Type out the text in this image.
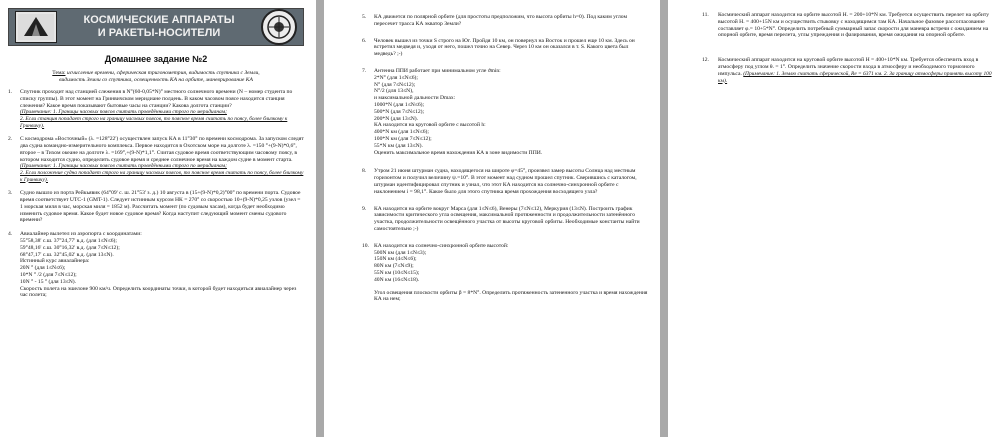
КОСМИЧЕСКИЕ АППАРАТЫ
И РАКЕТЫ-НОСИТЕЛИ
Домашнее задание №2
Тема: исчисление времени, сферическая тригонометрия, видимость спутника с Земли,
видимость Земли со спутника, освещенность КА на орбите, маневрирование КА
1.	Спутник проходит над станцией слежения в N°(60-0,05*N)° местного солнечного времени (N – номер студента по списку группы). В этот момент на Гринвичском меридиане полдень. В каком часовом поясе находится станция слежения? Какое время показывают бытовые часы на станции? Какова долгота станции?
(Примечание: 1. Границы часовых поясов считать проведёнными строго по меридианам;
2. Если станция попадает строго на границу часовых поясов, то поясное время считать по поясу, более близкому к Гринвичу).
2.	С космодрома «Восточный» (λ. =128°22') осуществлен запуск КА в 11°30° по времени космодрома. За запуском следят два судна командно-измерительного комплекса. Первое находится в Охотском море на долготе λ. =150 °+(9-N)*0,6°, второе – в Тихом океане на долготе λ. =169°,+(9-N)*1,1°. Считая судовое время соответствующим часовому поясу, в котором находится судно, определить судовое время и среднее солнечное время на каждом судне в момент старта.
(Примечание: 1. Границы часовых поясов считать проведёнными строго по меридианам;
2. Если положение судна попадает строго на границу часовых поясов, то поясное время считать по поясу, более близкому к Гринвичу).
3.	Судно вышло из порта Рейкьявик (64°09' с. ш. 21°53' з. д.) 10 августа в (15+(9-N)*0,2)°00° по времени порта. Судовое время соответствует UTC-1 (GMT-1). Следует истинным курсом НК = 270° со скоростью 10+(9-N)*0,25 узлов (узел = 1 морская миля в час, морская миля = 1852 м). Рассчитать момент (по судовым часам), когда будет необходимо изменить судовое время. Какое будет новое судовое время? Когда наступит следующий момент смены судового времени?
4.	Авиалайнер вылетел из аэропорта с координатами:
55°58,38' с.ш. 37°24,77' в.д. (для 1≤N≤6);
59°48,16' с.ш. 30°16,32' в.д. (для 7≤N≤12);
68°47,17' с.ш. 32°45,02' в.д. (для 13≤N).
Истинный курс авиалайнера:
20N ° (для 1≤N≤6);
10*N ° /2 (для 7≤N≤12);
10N ° - 15 ° (для 13≤N).
Скорость полета на эшелоне 900 км/ч. Определить координаты точки, в которой будет находиться авиалайнер через час полета;
5.	КА движется по полярной орбите (для простоты предположим, что высота орбиты h=0). Под каким углом пересечет трасса КА экватор Земли?
6.	Человек вышел из точки S строго на Юг. Пройдя 10 км, он повернул на Восток и прошел еще 10 км. Здесь он встретил медведя и, уходя от него, пошел точно на Север. Через 10 км он оказался в т. S. Какого цвета был медведь? ;-)
7.	Антенна ППИ работает при минимальном угле ϑmin:
2*N° (для 1≤N≤6);
N° (для 7≤N≤12);
N°/2 (для 13≤N),
и максимальной дальности Dmax:
1000*N (для 1≤N≤6);
500*N (для 7≤N≤12);
200*N (для 13≤N).
КА находится на круговой орбите с высотой h:
400*N км (для 1≤N≤6);
100*N км (для 7≤N≤12);
55*N км (для 13≤N).
Оценить максимальное время нахождения КА в зоне видимости ППИ.
8.	Утром 21 июня штурман судна, находящегося на широте φ=45°, произвел замер высоты Солнца над местным горизонтом и получил величину ψ.=10°. В этот момент над судном прошел спутник. Сверившись с каталогом, штурман идентифицировал спутник и узнал, что этот КА находится на солнечно-синхронной орбите с наклонением i = 98,1°. Какое было для этого спутника время прохождения восходящего узла?
9.	КА находится на орбите вокруг Марса (для 1≤N≤6), Венеры (7≤N≤12), Меркурия (13≤N). Построить график зависимости критического угла освещения, максимальной протяженности и продолжительности затенённого участка, продолжительности освещённого участка от высоты круговой орбиты. Необходимые константы найти самостоятельно ;-)
10. КА находится на солнечно-синхронной орбите высотой:
500N км (для 1≤N≤3);
150N км (4≤N≤6);
80N км (7≤N≤9);
55N км (10≤N≤15);
40N км (16≤N≤18).
Угол освещения плоскости орбиты β = 8*N°. Определить протяженность затененного участка и время нахождения КА на нем;
11.	Космический аппарат находится на орбите высотой H. = 200+10*N км. Требуется осуществить перелет на орбиту высотой H. = 400+15N км и осуществить стыковку с находящимся там КА. Начальное фазовое рассогласование составляет φ.= 10+5*N°. Определить потребный суммарный запас скорости для маневра встречи с ожиданием на опорной орбите, время перелета, углы упреждения и фазирования, время ожидания на опорной орбите.
12.	Космический аппарат находится на круговой орбите высотой H = 400+10*N км. Требуется обеспечить вход в атмосферу под углом θ. = 1°. Определить значение скорости входа в атмосферу и необходимого тормозного импульса. (Примечание: 1. Землю считать сферической, Re = 6371 км. 2. За границу атмосферы принять высоту 100 км).
